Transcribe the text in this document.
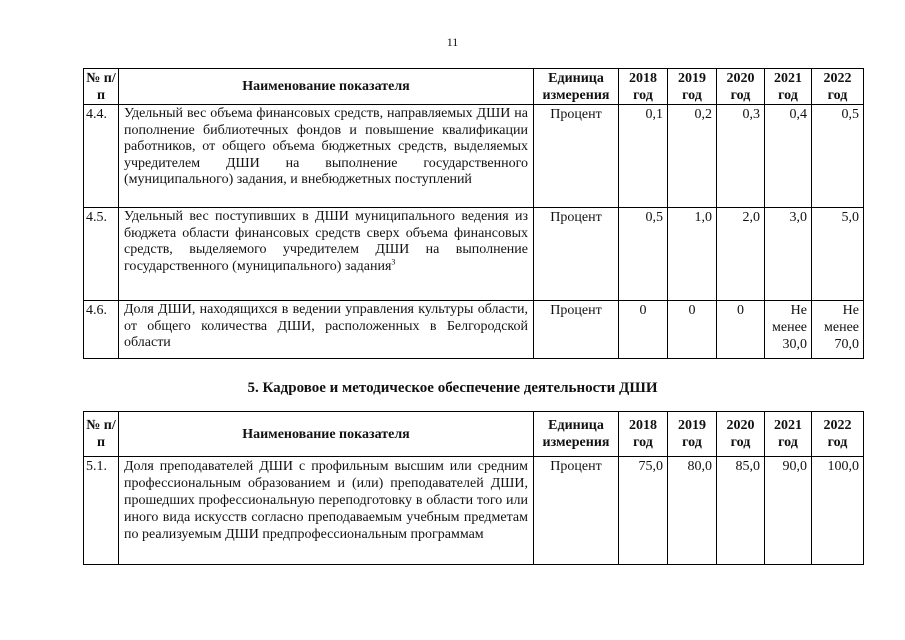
11
№ п/п	Наименование показателя	Единица измерения	2018 год	2019 год	2020 год	2021 год	2022 год
4.4.	Удельный вес объема финансовых средств, направляемых ДШИ на пополнение библиотечных фондов и повышение квалификации работников, от общего объема бюджетных средств, выделяемых учредителем ДШИ на выполнение государственного (муниципального) задания, и внебюджетных поступлений	Процент	0,1	0,2	0,3	0,4	0,5
4.5.	Удельный вес поступивших в ДШИ муниципального ведения из бюджета области финансовых средств сверх объема финансовых средств, выделяемого учредителем ДШИ на выполнение государственного (муниципального) задания$^3$	Процент	0,5	1,0	2,0	3,0	5,0
4.6.	Доля ДШИ, находящихся в ведении управления культуры области, от общего количества ДШИ, расположенных в Белгородской области	Процент	0	0	0	Не менее 30,0	Не менее 70,0
5. Кадровое и методическое обеспечение деятельности ДШИ
№ п/п	Наименование показателя	Единица измерения	2018 год	2019 год	2020 год	2021 год	2022 год
5.1.	Доля преподавателей ДШИ с профильным высшим или средним профессиональным образованием и (или) преподавателей ДШИ, прошедших профессиональную переподготовку в области того или иного вида искусств согласно преподаваемым учебным предметам по реализуемым ДШИ предпрофессиональным программам	Процент	75,0	80,0	85,0	90,0	100,0
